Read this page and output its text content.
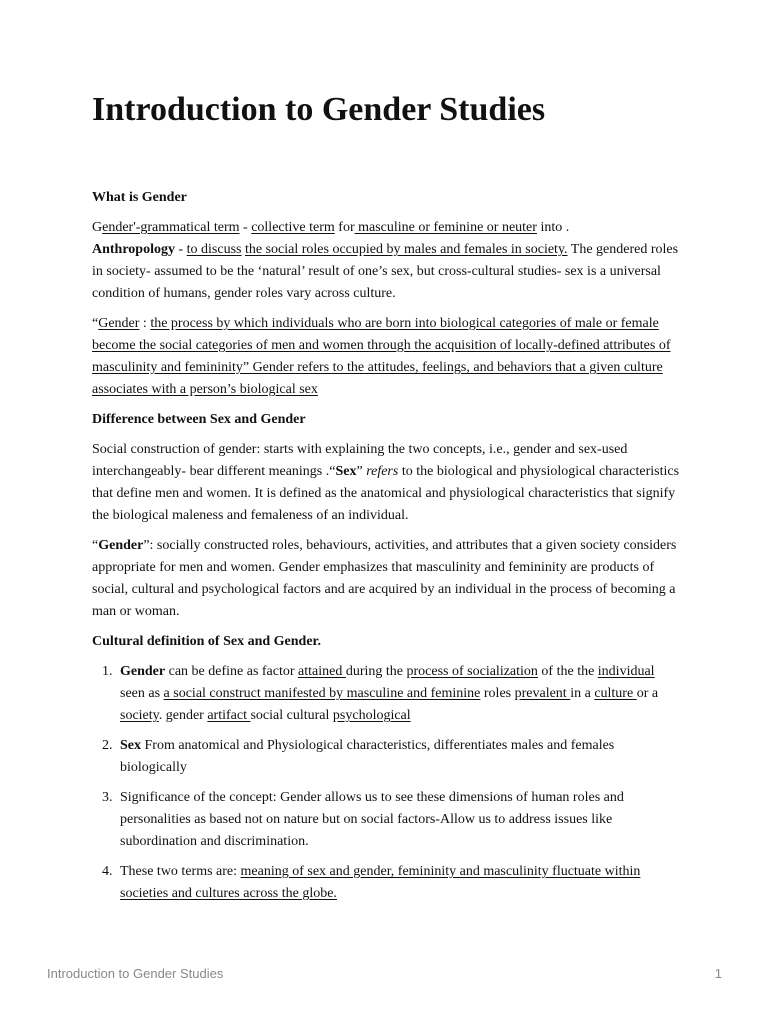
Introduction to Gender Studies
What is Gender

Gender'-grammatical term - collective term for masculine or feminine or neuter into .
Anthropology - to discuss the social roles occupied by males and females in society. The gendered roles in society- assumed to be the ‘natural’ result of one’s sex, but cross-cultural studies- sex is a universal condition of humans, gender roles vary across culture.

“Gender : the process by which individuals who are born into biological categories of male or female become the social categories of men and women through the acquisition of locally-defined attributes of masculinity and femininity” Gender refers to the attitudes, feelings, and behaviors that a given culture associates with a person’s biological sex

Difference between Sex and Gender

Social construction of gender: starts with explaining the two concepts, i.e., gender and sex-used interchangeably- bear different meanings .“Sex” refers to the biological and physiological characteristics that define men and women. It is defined as the anatomical and physiological characteristics that signify the biological maleness and femaleness of an individual.

“Gender”: socially constructed roles, behaviours, activities, and attributes that a given society considers appropriate for men and women. Gender emphasizes that masculinity and femininity are products of social, cultural and psychological factors and are acquired by an individual in the process of becoming a man or woman.

Cultural definition of Sex and Gender.
1. Gender can be define as factor attained during the process of socialization of the the individual seen as a social construct manifested by masculine and feminine roles prevalent in a culture or a society. gender artifact social cultural psychological
2. Sex From anatomical and Physiological characteristics, differentiates males and females biologically
3. Significance of the concept: Gender allows us to see these dimensions of human roles and personalities as based not on nature but on social factors-Allow us to address issues like subordination and discrimination.
4. These two terms are: meaning of sex and gender, femininity and masculinity fluctuate within societies and cultures across the globe.
Introduction to Gender Studies	1
